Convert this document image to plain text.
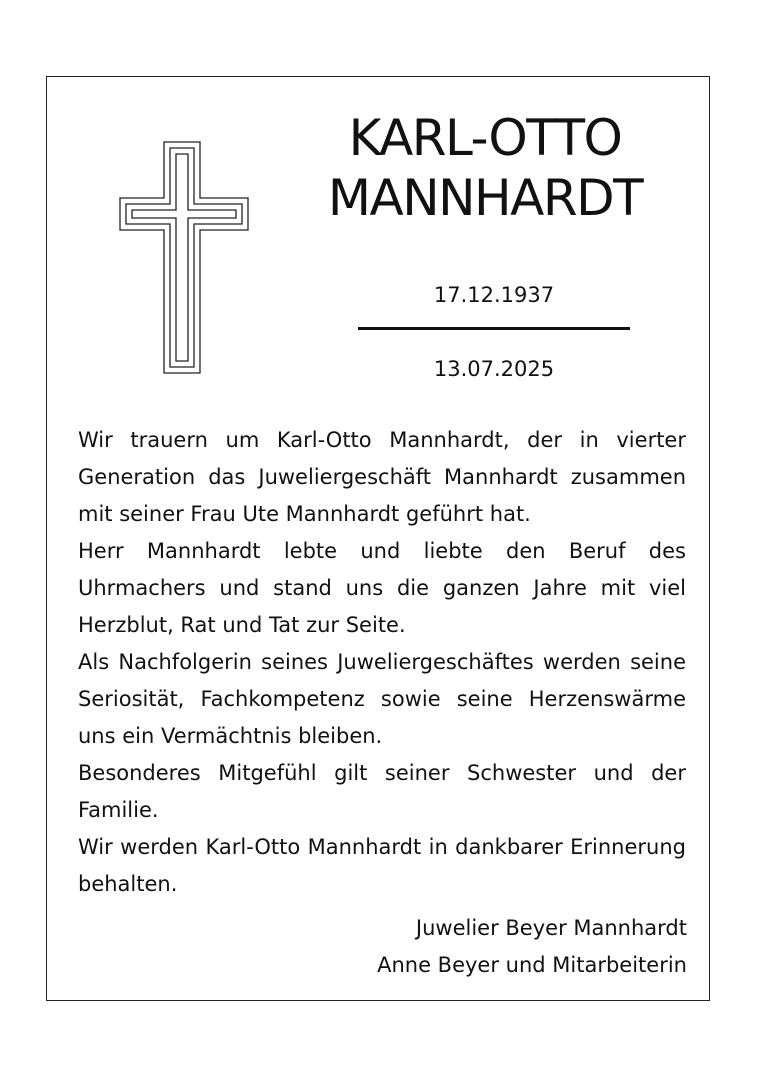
KARL-OTTO
MANNHARDT
17.12.1937
13.07.2025

Wir trauern um Karl-Otto Mannhardt, der in vierter Generation das Juweliergeschäft Mannhardt zusammen mit seiner Frau Ute Mannhardt geführt hat.

Herr Mannhardt lebte und liebte den Beruf des Uhrmachers und stand uns die ganzen Jahre mit viel Herzblut, Rat und Tat zur Seite.

Als Nachfolgerin seines Juweliergeschäftes werden seine Seriosität, Fachkompetenz sowie seine Herzenswärme uns ein Vermächtnis bleiben.

Besonderes Mitgefühl gilt seiner Schwester und der Familie.

Wir werden Karl-Otto Mannhardt in dankbarer Erinnerung behalten.

Juwelier Beyer Mannhardt
Anne Beyer und Mitarbeiterin
